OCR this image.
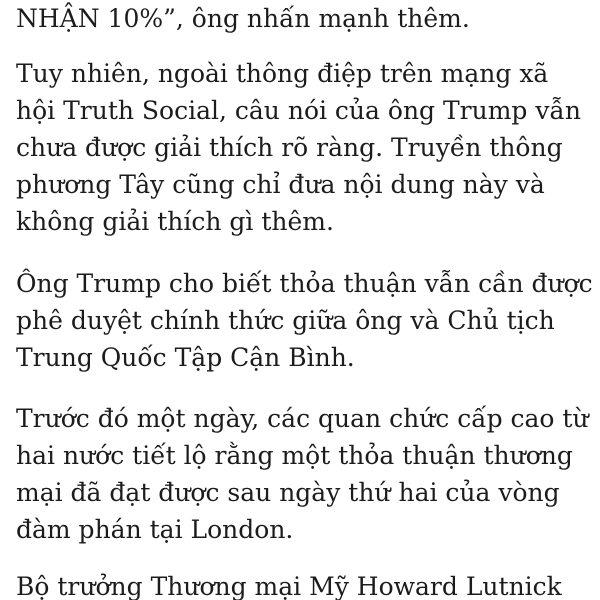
NHẬN 10%”, ông nhấn mạnh thêm.

Tuy nhiên, ngoài thông điệp trên mạng xã

hội Truth Social, câu nói của ông Trump vẫn

chưa được giải thích rõ ràng. Truyền thông

phương Tây cũng chỉ đưa nội dung này và

không giải thích gì thêm.

Ông Trump cho biết thỏa thuận vẫn cần được

phê duyệt chính thức giữa ông và Chủ tịch

Trung Quốc Tập Cận Bình.

Trước đó một ngày, các quan chức cấp cao từ

hai nước tiết lộ rằng một thỏa thuận thương

mại đã đạt được sau ngày thứ hai của vòng

đàm phán tại London.

Bộ trưởng Thương mại Mỹ Howard Lutnick
